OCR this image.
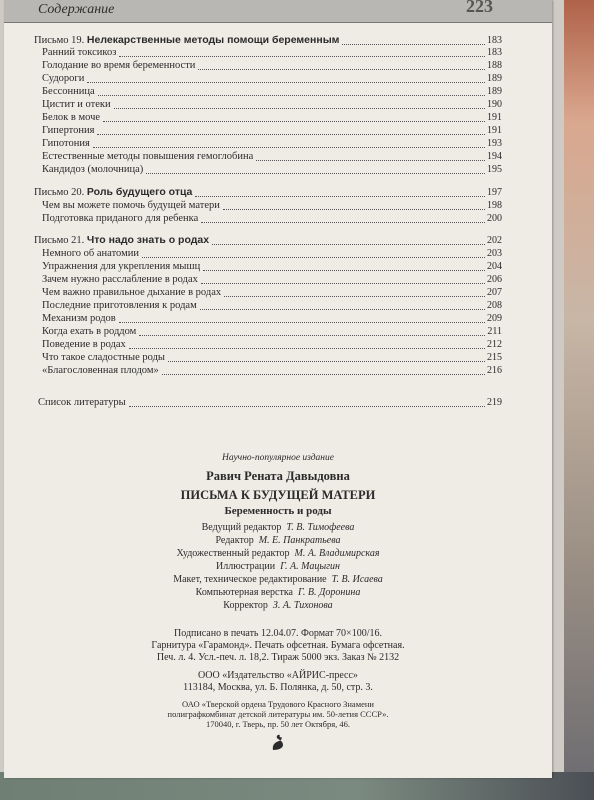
Содержание	223
Письмо 19. Нелекарственные методы помощи беременным	183
Ранний токсикоз	183
Голодание во время беременности	188
Судороги	189
Бессонница	189
Цистит и отеки	190
Белок в моче	191
Гипертония	191
Гипотония	193
Естественные методы повышения гемоглобина	194
Кандидоз (молочница)	195
Письмо 20. Роль будущего отца	197
Чем вы можете помочь будущей матери	198
Подготовка приданого для ребенка	200
Письмо 21. Что надо знать о родах	202
Немного об анатомии	203
Упражнения для укрепления мышц	204
Зачем нужно расслабление в родах	206
Чем важно правильное дыхание в родах	207
Последние приготовления к родам	208
Механизм родов	209
Когда ехать в роддом	211
Поведение в родах	212
Что такое сладостные роды	215
«Благословенная плодом»	216
Список литературы	219
Научно-популярное издание
Равич Рената Давыдовна
ПИСЬМА К БУДУЩЕЙ МАТЕРИ
Беременность и роды
Ведущий редактор Т. В. Тимофеева
Редактор М. Е. Панкратьева
Художественный редактор М. А. Владимирская
Иллюстрации Г. А. Мацыгин
Макет, техническое редактирование Т. В. Исаева
Компьютерная верстка Г. В. Доронина
Корректор З. А. Тихонова
Подписано в печать 12.04.07. Формат 70×100/16.
Гарнитура «Гарамонд». Печать офсетная. Бумага офсетная.
Печ. л. 4. Усл.-печ. л. 18,2. Тираж 5000 экз. Заказ № 2132
ООО «Издательство «АЙРИС-пресс»
113184, Москва, ул. Б. Полянка, д. 50, стр. 3.
ОАО «Тверской ордена Трудового Красного Знамени
полиграфкомбинат детской литературы им. 50-летия СССР».
170040, г. Тверь, пр. 50 лет Октября, 46.
